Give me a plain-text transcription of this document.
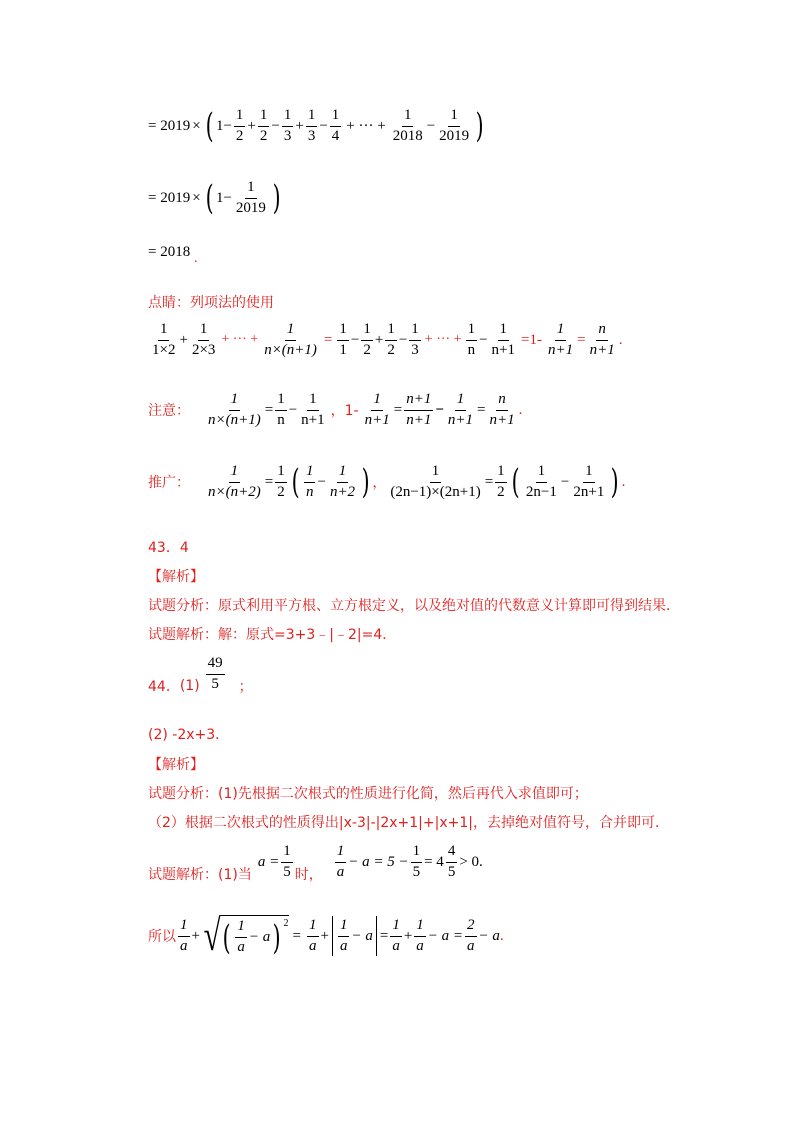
= 2019 × ( $1 - \frac{1}{2} + \frac{1}{2} - \frac{1}{3} + \frac{1}{3} - \frac{1}{4}$ + ··· + $\frac{1}{2018} - \frac{1}{2019}$ )
= 2019 × ( $1 - \frac{1}{2019}$ )
= 2018 .
点睛：列项法的使用
$\frac{1}{1\times 2} + \frac{1}{2\times 3}$ + ··· + $\frac{1}{n\times(n+1)} = \frac{1}{1} - \frac{1}{2} + \frac{1}{2} - \frac{1}{3}$ + ··· + $\frac{1}{n} - \frac{1}{n+1} =1- \frac{1}{n+1} = \frac{n}{n+1}$ .
注意： $\frac{1}{n\times(n+1)} = \frac{1}{n} - \frac{1}{n+1}$ ，$1- \frac{1}{n+1} = \frac{n+1}{n+1} - \frac{1}{n+1} = \frac{n}{n+1}$ .
推广： $\frac{1}{n\times(n+2)} = \frac{1}{2}$ ( $\frac{1}{n} - \frac{1}{n+2}$ ) ， $\frac{1}{(2n-1)\times(2n+1)} = \frac{1}{2}$ ( $\frac{1}{2n-1} - \frac{1}{2n+1}$ ) .
43．4
【解析】
试题分析：原式利用平方根、立方根定义，以及绝对值的代数意义计算即可得到结果．
试题解析：解：原式=3+3﹣|﹣2|=4．
44． $(1) \frac{49}{5}$ ；
(2) -2x+3．
【解析】
试题分析：(1)先根据二次根式的性质进行化简，然后再代入求值即可；
（2）根据二次根式的性质得出|x-3|-|2x+1|+|x+1|，去掉绝对值符号，合并即可．
试题解析：(1)当
$a = \frac{1}{5}$ 时， $\frac{1}{a} - a = 5 - \frac{1}{5} = 4 \frac{4}{5} > 0$.
所以 $\frac{1}{a}$ + √ ( $\frac{1}{a} - a$ ) $^2$
= $\frac{1}{a} + \frac{1}{a} - a = \frac{1}{a} + \frac{1}{a} - a = \frac{2}{a} - a$ .
